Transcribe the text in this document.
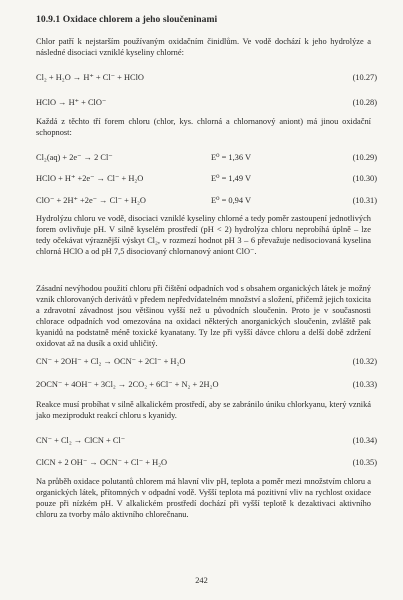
10.9.1 Oxidace chlorem a jeho sloučeninami

Chlor patří k nejstarším používaným oxidačním činidlům. Ve vodě dochází k jeho hydrolýze a následné disociaci vzniklé kyseliny chlorné:

Cl₂ + H₂O → H⁺ + Cl⁻ + HClO	(10.27)
HClO → H⁺ + ClO⁻	(10.28)

Každá z těchto tří forem chloru (chlor, kys. chlorná a chlornanový aniont) má jinou oxidační schopnost:

Cl₂(aq) + 2e⁻ → 2 Cl⁻	E⁰ = 1,36 V	(10.29)
HClO + H⁺ +2e⁻ → Cl⁻ + H₂O	E⁰ = 1,49 V	(10.30)
ClO⁻ + 2H⁺ +2e⁻ → Cl⁻ + H₂O	E⁰ = 0,94 V	(10.31)

Hydrolýzu chloru ve vodě, disociaci vzniklé kyseliny chlorné a tedy poměr zastoupení jednotlivých forem ovlivňuje pH. V silně kyselém prostředí (pH < 2) hydrolýza chloru neprobíhá úplně – lze tedy očekávat výraznější výskyt Cl₂, v rozmezí hodnot pH 3 – 6 převažuje nedisociovaná kyselina chlorná HClO a od pH 7,5 disociovaný chlornanový aniont ClO⁻.

Zásadní nevýhodou použití chloru při čištění odpadních vod s obsahem organických látek je možný vznik chlorovaných derivátů v předem nepředvídatelném množství a složení, přičemž jejich toxicita a zdravotní závadnost jsou většinou vyšší než u původních sloučenin. Proto je v současnosti chlorace odpadních vod omezována na oxidaci některých anorganických sloučenin, zvláště pak kyanidů na podstatně méně toxické kyanatany. Ty lze při vyšší dávce chloru a delší době zdržení oxidovat až na dusík a oxid uhličitý.

CN⁻ + 2OH⁻ + Cl₂ → OCN⁻ + 2Cl⁻ + H₂O	(10.32)
2OCN⁻ + 4OH⁻ + 3Cl₂ → 2CO₂ + 6Cl⁻ + N₂ + 2H₂O	(10.33)

Reakce musí probíhat v silně alkalickém prostředí, aby se zabránilo úniku chlorkyanu, který vzniká jako meziprodukt reakcí chloru s kyanidy.

CN⁻ + Cl₂ → ClCN + Cl⁻	(10.34)
ClCN + 2 OH⁻ → OCN⁻ + Cl⁻ + H₂O	(10.35)

Na průběh oxidace polutantů chlorem má hlavní vliv pH, teplota a poměr mezi množstvím chloru a organických látek, přítomných v odpadní vodě. Vyšší teplota má pozitivní vliv na rychlost oxidace pouze při nízkém pH. V alkalickém prostředí dochází při vyšší teplotě k dezaktivaci aktivního chloru za tvorby málo aktivního chlorečnanu.

242
